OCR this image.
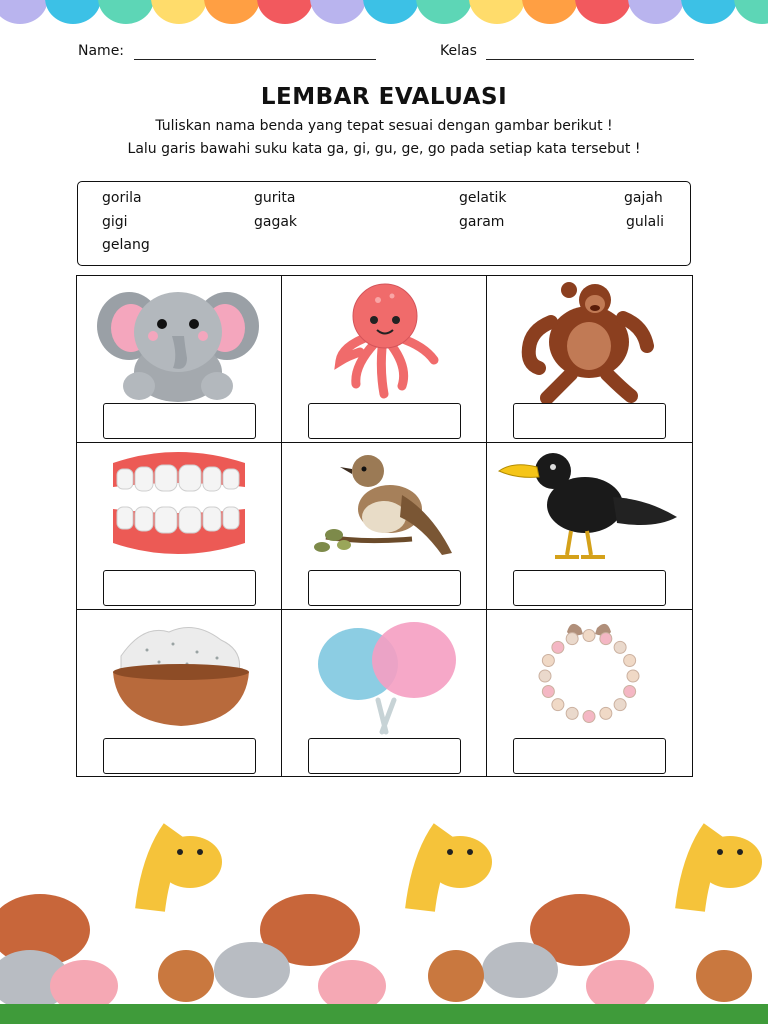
Name:	Kelas
LEMBAR EVALUASI
Tuliskan nama benda yang tepat sesuai dengan gambar berikut !
Lalu garis bawahi suku kata ga, gi, gu, ge, go pada setiap kata tersebut !
gorila	gurita	gelatik	gajah
gigi	gagak	garam	gulali
gelang
